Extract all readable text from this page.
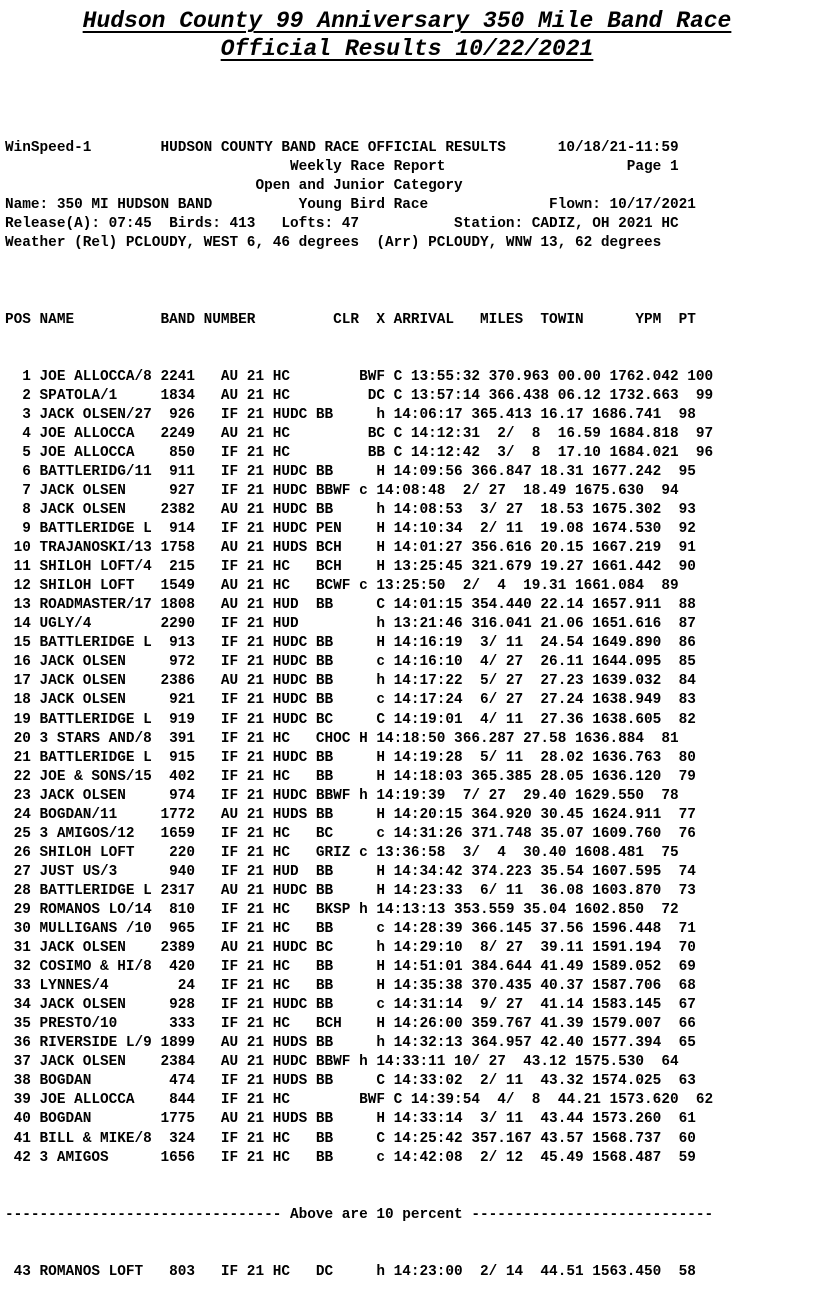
Hudson County 99 Anniversary 350 Mile Band Race
Official Results 10/22/2021

WinSpeed-1        HUDSON COUNTY BAND RACE OFFICIAL RESULTS      10/18/21-11:59
Weekly Race Report                     Page 1
Open and Junior Category
Name: 350 MI HUDSON BAND          Young Bird Race              Flown: 10/17/2021
Release(A): 07:45  Birds: 413   Lofts: 47           Station: CADIZ, OH 2021 HC
Weather (Rel) PCLOUDY, WEST 6, 46 degrees  (Arr) PCLOUDY, WNW 13, 62 degrees

POS NAME          BAND NUMBER         CLR  X ARRIVAL   MILES  TOWIN      YPM  PT

1 JOE ALLOCCA/8 2241   AU 21 HC        BWF C 13:55:32 370.963 00.00 1762.042 100
2 SPATOLA/1     1834   AU 21 HC         DC C 13:57:14 366.438 06.12 1732.663  99
3 JACK OLSEN/27  926   IF 21 HUDC BB     h 14:06:17 365.413 16.17 1686.741  98
4 JOE ALLOCCA   2249   AU 21 HC         BC C 14:12:31  2/  8  16.59 1684.818  97
5 JOE ALLOCCA    850   IF 21 HC         BB C 14:12:42  3/  8  17.10 1684.021  96
6 BATTLERIDG/11  911   IF 21 HUDC BB     H 14:09:56 366.847 18.31 1677.242  95
7 JACK OLSEN     927   IF 21 HUDC BBWF c 14:08:48  2/ 27  18.49 1675.630  94
8 JACK OLSEN    2382   AU 21 HUDC BB     h 14:08:53  3/ 27  18.53 1675.302  93
9 BATTLERIDGE L  914   IF 21 HUDC PEN    H 14:10:34  2/ 11  19.08 1674.530  92
10 TRAJANOSKI/13 1758   AU 21 HUDS BCH    H 14:01:27 356.616 20.15 1667.219  91
11 SHILOH LOFT/4  215   IF 21 HC   BCH    H 13:25:45 321.679 19.27 1661.442  90
12 SHILOH LOFT   1549   AU 21 HC   BCWF c 13:25:50  2/  4  19.31 1661.084  89
13 ROADMASTER/17 1808   AU 21 HUD  BB     C 14:01:15 354.440 22.14 1657.911  88
14 UGLY/4        2290   IF 21 HUD         h 13:21:46 316.041 21.06 1651.616  87
15 BATTLERIDGE L  913   IF 21 HUDC BB     H 14:16:19  3/ 11  24.54 1649.890  86
16 JACK OLSEN     972   IF 21 HUDC BB     c 14:16:10  4/ 27  26.11 1644.095  85
17 JACK OLSEN    2386   AU 21 HUDC BB     h 14:17:22  5/ 27  27.23 1639.032  84
18 JACK OLSEN     921   IF 21 HUDC BB     c 14:17:24  6/ 27  27.24 1638.949  83
19 BATTLERIDGE L  919   IF 21 HUDC BC     C 14:19:01  4/ 11  27.36 1638.605  82
20 3 STARS AND/8  391   IF 21 HC   CHOC H 14:18:50 366.287 27.58 1636.884  81
21 BATTLERIDGE L  915   IF 21 HUDC BB     H 14:19:28  5/ 11  28.02 1636.763  80
22 JOE & SONS/15  402   IF 21 HC   BB     H 14:18:03 365.385 28.05 1636.120  79
23 JACK OLSEN     974   IF 21 HUDC BBWF h 14:19:39  7/ 27  29.40 1629.550  78
24 BOGDAN/11     1772   AU 21 HUDS BB     H 14:20:15 364.920 30.45 1624.911  77
25 3 AMIGOS/12   1659   IF 21 HC   BC     c 14:31:26 371.748 35.07 1609.760  76
26 SHILOH LOFT    220   IF 21 HC   GRIZ c 13:36:58  3/  4  30.40 1608.481  75
27 JUST US/3      940   IF 21 HUD  BB     H 14:34:42 374.223 35.54 1607.595  74
28 BATTLERIDGE L 2317   AU 21 HUDC BB     H 14:23:33  6/ 11  36.08 1603.870  73
29 ROMANOS LO/14  810   IF 21 HC   BKSP h 14:13:13 353.559 35.04 1602.850  72
30 MULLIGANS /10  965   IF 21 HC   BB     c 14:28:39 366.145 37.56 1596.448  71
31 JACK OLSEN    2389   AU 21 HUDC BC     h 14:29:10  8/ 27  39.11 1591.194  70
32 COSIMO & HI/8  420   IF 21 HC   BB     H 14:51:01 384.644 41.49 1589.052  69
33 LYNNES/4        24   IF 21 HC   BB     H 14:35:38 370.435 40.37 1587.706  68
34 JACK OLSEN     928   IF 21 HUDC BB     c 14:31:14  9/ 27  41.14 1583.145  67
35 PRESTO/10      333   IF 21 HC   BCH    H 14:26:00 359.767 41.39 1579.007  66
36 RIVERSIDE L/9 1899   AU 21 HUDS BB     h 14:32:13 364.957 42.40 1577.394  65
37 JACK OLSEN    2384   AU 21 HUDC BBWF h 14:33:11 10/ 27  43.12 1575.530  64
38 BOGDAN         474   IF 21 HUDS BB     C 14:33:02  2/ 11  43.32 1574.025  63
39 JOE ALLOCCA    844   IF 21 HC        BWF C 14:39:54  4/  8  44.21 1573.620  62
40 BOGDAN        1775   AU 21 HUDS BB     H 14:33:14  3/ 11  43.44 1573.260  61
41 BILL & MIKE/8  324   IF 21 HC   BB     C 14:25:42 357.167 43.57 1568.737  60
42 3 AMIGOS      1656   IF 21 HC   BB     c 14:42:08  2/ 12  45.49 1568.487  59

-------------------------------- Above are 10 percent ----------------------------

43 ROMANOS LOFT   803   IF 21 HC   DC     h 14:23:00  2/ 14  44.51 1563.450  58
